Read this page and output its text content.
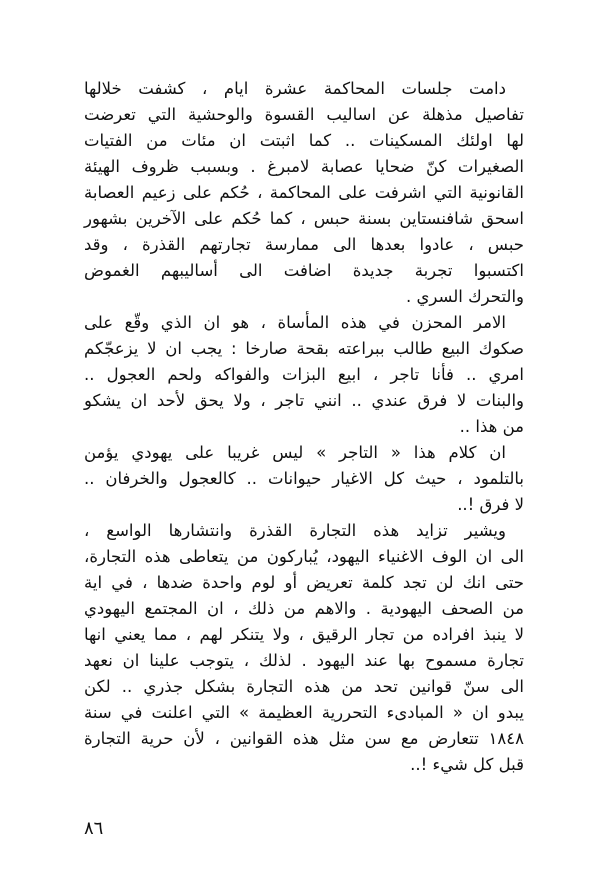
دامت جلسات المحاكمة عشرة ايام ، كشفت خلالها
تفاصيل مذهلة عن اساليب القسوة والوحشية التي تعرضت
لها اولئك المسكينات .. كما اثبتت ان مئات من الفتيات
الصغيرات كنّ ضحايا عصابة لامبرغ . وبسبب ظروف الهيئة
القانونية التي اشرفت على المحاكمة ، حُكم على زعيم العصابة
اسحق شافنستاين بسنة حبس ، كما حُكم على الآخرين بشهور
حبس ، عادوا بعدها الى ممارسة تجارتهم القذرة ، وقد
اكتسبوا تجربة جديدة اضافت الى أساليبهم الغموض
والتحرك السري .
الامر المحزن في هذه المأساة ، هو ان الذي وقّع على
صكوك البيع طالب ببراعته بقحة صارخا : يجب ان لا يزعجّكم
امري .. فأنا تاجر ، ابيع البزات والفواكه ولحم العجول ..
والبنات لا فرق عندي .. انني تاجر ، ولا يحق لأحد ان يشكو
من هذا ..
ان كلام هذا « التاجر » ليس غريبا على يهودي يؤمن
بالتلمود ، حيث كل الاغيار حيوانات .. كالعجول والخرفان ..
لا فرق !..
ويشير تزايد هذه التجارة القذرة وانتشارها الواسع ،
الى ان الوف الاغنياء اليهود، يُباركون من يتعاطى هذه التجارة،
حتى انك لن تجد كلمة تعريض أو لوم واحدة ضدها ، في اية
من الصحف اليهودية . والاهم من ذلك ، ان المجتمع اليهودي
لا ينبذ افراده من تجار الرقيق ، ولا يتنكر لهم ، مما يعني انها
تجارة مسموح بها عند اليهود . لذلك ، يتوجب علينا ان نعهد
الى سنّ قوانين تحد من هذه التجارة بشكل جذري .. لكن
يبدو ان « المبادىء التحررية العظيمة » التي اعلنت في سنة
١٨٤٨ تتعارض مع سن مثل هذه القوانين ، لأن حرية التجارة
قبل كل شيء !..
٨٦
